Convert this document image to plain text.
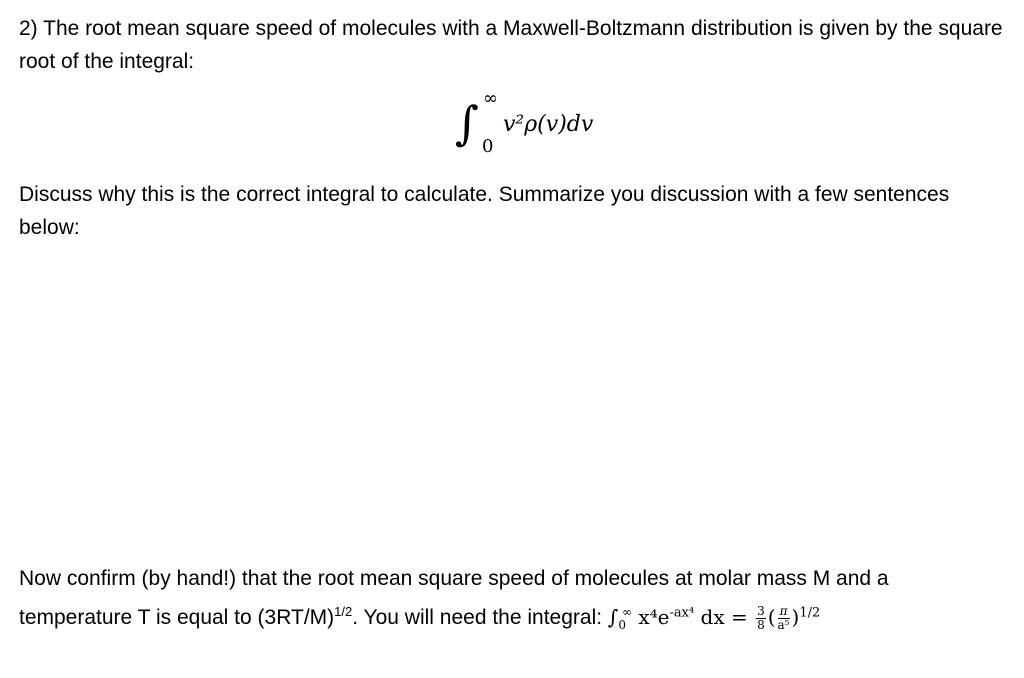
2) The root mean square speed of molecules with a Maxwell-Boltzmann distribution is given by the square root of the integral:

∫ ∞
0
v²ρ(v)dv

Discuss why this is the correct integral to calculate. Summarize you discussion with a few sentences below:

Now confirm (by hand!) that the root mean square speed of molecules at molar mass M and a
temperature T is equal to $(3RT/M)^{1/2}$. You will need the integral: $\int_0^\infty$ $x^4e^{-ax^4}$ dx = $\frac{3}{8}$ ( $\frac{\pi}{\text{a⁵}} )^{1/2}$
